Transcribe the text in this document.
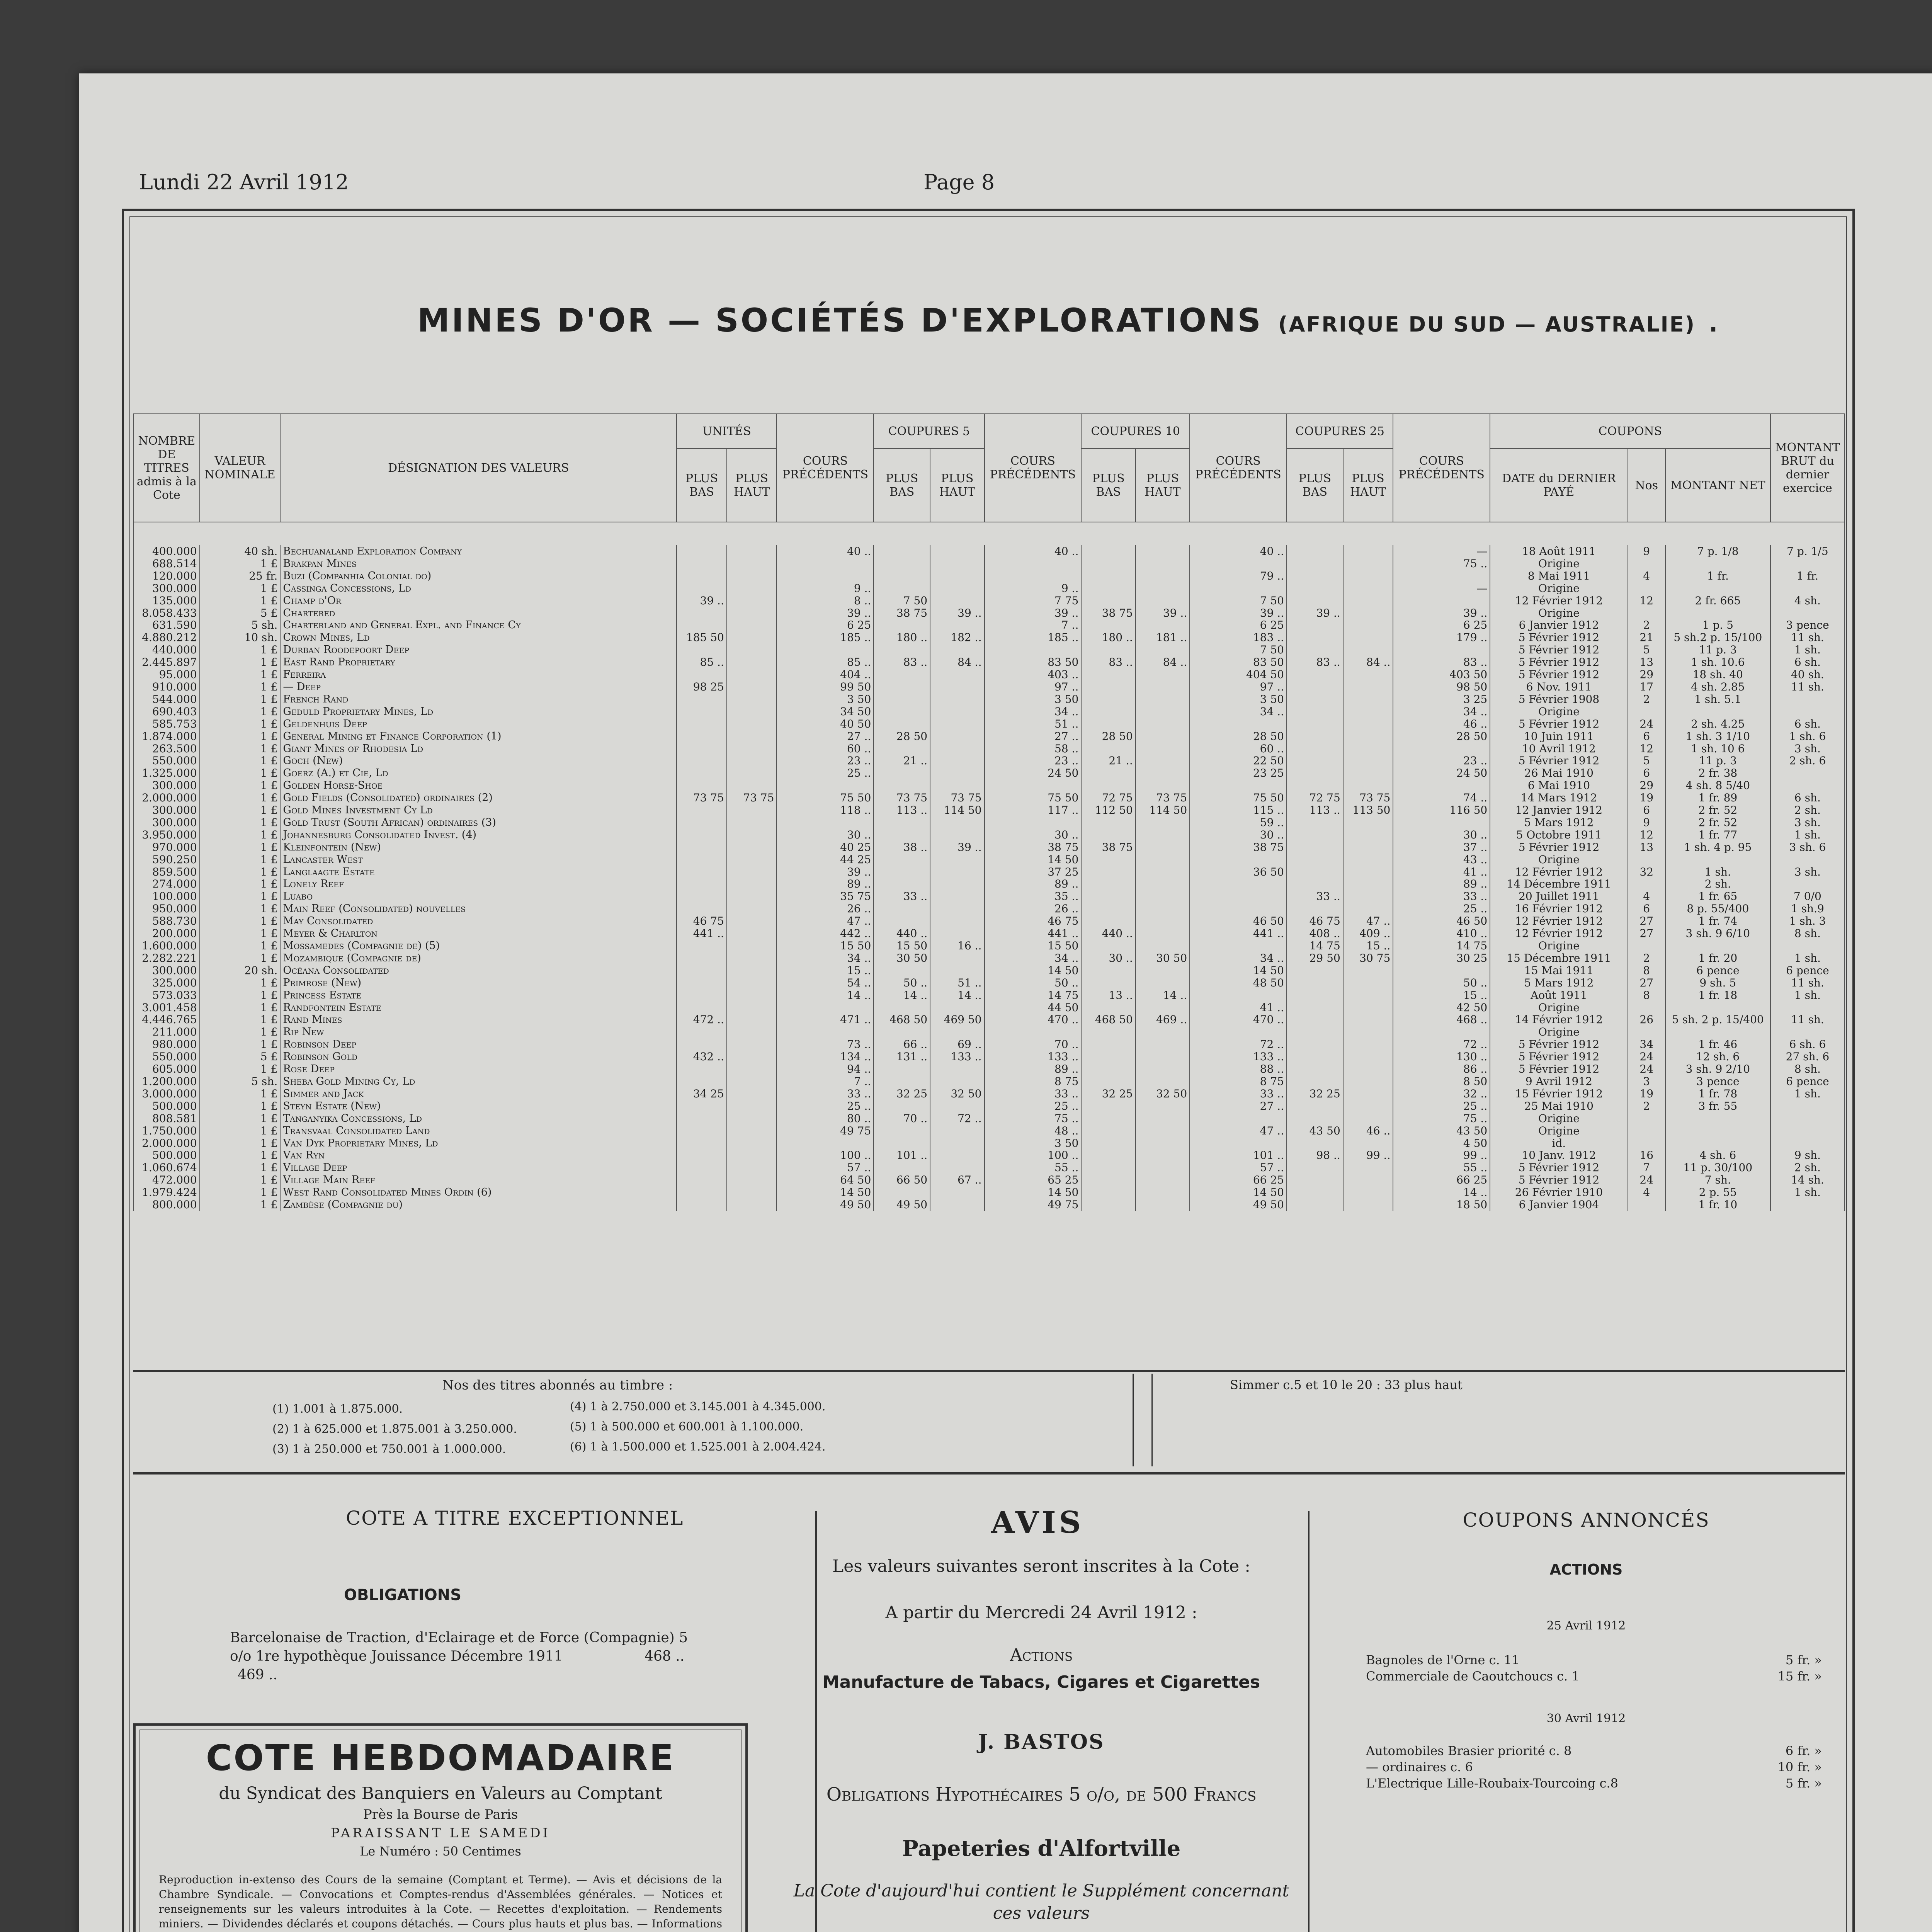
Lundi 22 Avril 1912	Page 8
MINES D'OR — SOCIÉTÉS D'EXPLORATIONS (AFRIQUE DU SUD — AUSTRALIE) .
NOMBRE DE TITRES admis à la Cote	VALEUR NOMINALE	DÉSIGNATION DES VALEURS	UNITÉS		COURS PRÉCÉDENTS	COUPURES 5		COURS PRÉCÉDENTS	COUPURES 10		COURS PRÉCÉDENTS	COUPURES 25		COURS PRÉCÉDENTS	COUPONS			MONTANT BRUT du dernier exercice
			PLUS BAS	PLUS HAUT		PLUS BAS	PLUS HAUT		PLUS BAS	PLUS HAUT		PLUS BAS	PLUS HAUT		DATE du DERNIER PAYÉ	Nos	MONTANT NET	

400.000	40 sh.	Bechuanaland Exploration Company			40 ..			40 ..			40 ..			—	18 Août 1911	9	7 p. 1/8	7 p. 1/5
688.514	1 £	Brakpan Mines												75 ..	Origine			
120.000	25 fr.	Buzi (Companhia Colonial do)									79 ..				8 Mai 1911	4	1 fr.	1 fr.
300.000	1 £	Cassinga Concessions, Ld			9 ..			9 ..						—	Origine			
135.000	1 £	Champ d'Or	39 ..		8 ..	7 50		7 75			7 50				12 Février 1912	12	2 fr. 665	4 sh.
8.058.433	5 £	Chartered			39 ..	38 75	39 ..	39 ..	38 75	39 ..	39 ..	39 ..		39 ..	Origine			
631.590	5 sh.	Charterland and General Expl. and Finance Cy			6 25			7 ..			6 25			6 25	6 Janvier 1912	2	1 p. 5	3 pence
4.880.212	10 sh.	Crown Mines, Ld	185 50		185 ..	180 ..	182 ..	185 ..	180 ..	181 ..	183 ..			179 ..	5 Février 1912	21	5 sh.2 p. 15/100	11 sh.
440.000	1 £	Durban Roodepoort Deep									7 50				5 Février 1912	5	11 p. 3	1 sh.
2.445.897	1 £	East Rand Proprietary	85 ..		85 ..	83 ..	84 ..	83 50	83 ..	84 ..	83 50	83 ..	84 ..	83 ..	5 Février 1912	13	1 sh. 10.6	6 sh.
95.000	1 £	Ferreira			404 ..			403 ..			404 50			403 50	5 Février 1912	29	18 sh. 40	40 sh.
910.000	1 £	— Deep	98 25		99 50			97 ..			97 ..			98 50	6 Nov. 1911	17	4 sh. 2.85	11 sh.
544.000	1 £	French Rand			3 50			3 50			3 50			3 25	5 Février 1908	2	1 sh. 5.1	
690.403	1 £	Geduld Proprietary Mines, Ld			34 50			34 ..			34 ..			34 ..	Origine			
585.753	1 £	Geldenhuis Deep			40 50			51 ..						46 ..	5 Février 1912	24	2 sh. 4.25	6 sh.
1.874.000	1 £	General Mining et Finance Corporation (1)			27 ..	28 50		27 ..	28 50		28 50			28 50	10 Juin 1911	6	1 sh. 3 1/10	1 sh. 6
263.500	1 £	Giant Mines of Rhodesia Ld			60 ..			58 ..			60 ..				10 Avril 1912	12	1 sh. 10 6	3 sh.
550.000	1 £	Goch (New)			23 ..	21 ..		23 ..	21 ..		22 50			23 ..	5 Février 1912	5	11 p. 3	2 sh. 6
1.325.000	1 £	Goerz (A.) et Cie, Ld			25 ..			24 50			23 25			24 50	26 Mai 1910	6	2 fr. 38	
300.000	1 £	Golden Horse-Shoe													6 Mai 1910	29	4 sh. 8 5/40	
2.000.000	1 £	Gold Fields (Consolidated) ordinaires (2)	73 75	73 75	75 50	73 75	73 75	75 50	72 75	73 75	75 50	72 75	73 75	74 ..	14 Mars 1912	19	1 fr. 89	6 sh.
300.000	1 £	Gold Mines Investment Cy Ld			118 ..	113 ..	114 50	117 ..	112 50	114 50	115 ..	113 ..	113 50	116 50	12 Janvier 1912	6	2 fr. 52	2 sh.
300.000	1 £	Gold Trust (South African) ordinaires (3)									59 ..				5 Mars 1912	9	2 fr. 52	3 sh.
3.950.000	1 £	Johannesburg Consolidated Invest. (4)			30 ..			30 ..			30 ..			30 ..	5 Octobre 1911	12	1 fr. 77	1 sh.
970.000	1 £	Kleinfontein (New)			40 25	38 ..	39 ..	38 75	38 75		38 75			37 ..	5 Février 1912	13	1 sh. 4 p. 95	3 sh. 6
590.250	1 £	Lancaster West			44 25			14 50						43 ..	Origine			
859.500	1 £	Langlaagte Estate			39 ..			37 25			36 50			41 ..	12 Février 1912	32	1 sh.	3 sh.
274.000	1 £	Lonely Reef			89 ..			89 ..						89 ..	14 Décembre 1911		2 sh.	
100.000	1 £	Luabo			35 75	33 ..		35 ..				33 ..		33 ..	20 Juillet 1911	4	1 fr. 65	7 0/0
950.000	1 £	Main Reef (Consolidated) nouvelles			26 ..			26 ..						25 ..	16 Février 1912	6	8 p. 55/400	1 sh.9
588.730	1 £	May Consolidated	46 75		47 ..			46 75			46 50	46 75	47 ..	46 50	12 Février 1912	27	1 fr. 74	1 sh. 3
200.000	1 £	Meyer & Charlton	441 ..		442 ..	440 ..		441 ..	440 ..		441 ..	408 ..	409 ..	410 ..	12 Février 1912	27	3 sh. 9 6/10	8 sh.
1.600.000	1 £	Mossamedes (Compagnie de) (5)			15 50	15 50	16 ..	15 50				14 75	15 ..	14 75	Origine			
2.282.221	1 £	Mozambique (Compagnie de)			34 ..	30 50		34 ..	30 ..	30 50	34 ..	29 50	30 75	30 25	15 Décembre 1911	2	1 fr. 20	1 sh.
300.000	20 sh.	Océana Consolidated			15 ..			14 50			14 50				15 Mai 1911	8	6 pence	6 pence
325.000	1 £	Primrose (New)			54 ..	50 ..	51 ..	50 ..			48 50			50 ..	5 Mars 1912	27	9 sh. 5	11 sh.
573.033	1 £	Princess Estate			14 ..	14 ..	14 ..	14 75	13 ..	14 ..				15 ..	Août 1911	8	1 fr. 18	1 sh.
3.001.458	1 £	Randfontein Estate						44 50			41 ..			42 50	Origine			
4.446.765	1 £	Rand Mines	472 ..		471 ..	468 50	469 50	470 ..	468 50	469 ..	470 ..			468 ..	14 Février 1912	26	5 sh. 2 p. 15/400	11 sh.
211.000	1 £	Rip New													Origine			
980.000	1 £	Robinson Deep			73 ..	66 ..	69 ..	70 ..			72 ..			72 ..	5 Février 1912	34	1 fr. 46	6 sh. 6
550.000	5 £	Robinson Gold	432 ..		134 ..	131 ..	133 ..	133 ..			133 ..			130 ..	5 Février 1912	24	12 sh. 6	27 sh. 6
605.000	1 £	Rose Deep			94 ..			89 ..			88 ..			86 ..	5 Février 1912	24	3 sh. 9 2/10	8 sh.
1.200.000	5 sh.	Sheba Gold Mining Cy, Ld			7 ..			8 75			8 75			8 50	9 Avril 1912	3	3 pence	6 pence
3.000.000	1 £	Simmer and Jack	34 25		33 ..	32 25	32 50	33 ..	32 25	32 50	33 ..	32 25		32 ..	15 Février 1912	19	1 fr. 78	1 sh.
500.000	1 £	Steyn Estate (New)			25 ..			25 ..			27 ..			25 ..	25 Mai 1910	2	3 fr. 55	
808.581	1 £	Tanganyika Concessions, Ld			80 ..	70 ..	72 ..	75 ..						75 ..	Origine			
1.750.000	1 £	Transvaal Consolidated Land			49 75			48 ..			47 ..	43 50	46 ..	43 50	Origine			
2.000.000	1 £	Van Dyk Proprietary Mines, Ld						3 50						4 50	id.			
500.000	1 £	Van Ryn			100 ..	101 ..		100 ..			101 ..	98 ..	99 ..	99 ..	10 Janv. 1912	16	4 sh. 6	9 sh.
1.060.674	1 £	Village Deep			57 ..			55 ..			57 ..			55 ..	5 Février 1912	7	11 p. 30/100	2 sh.
472.000	1 £	Village Main Reef			64 50	66 50	67 ..	65 25			66 25			66 25	5 Février 1912	24	7 sh.	14 sh.
1.979.424	1 £	West Rand Consolidated Mines Ordin (6)			14 50			14 50			14 50			14 ..	26 Février 1910	4	2 p. 55	1 sh.
800.000	1 £	Zambèse (Compagnie du)			49 50	49 50		49 75			49 50			18 50	6 Janvier 1904		1 fr. 10	
Nos des titres abonnés au timbre :
(1) 1.001 à 1.875.000.
(2) 1 à 625.000 et 1.875.001 à 3.250.000.
(3) 1 à 250.000 et 750.001 à 1.000.000.
(4) 1 à 2.750.000 et 3.145.001 à 4.345.000.
(5) 1 à 500.000 et 600.001 à 1.100.000.
(6) 1 à 1.500.000 et 1.525.001 à 2.004.424.
Simmer c.5 et 10 le 20 : 33 plus haut
COTE A TITRE EXCEPTIONNEL
OBLIGATIONS
Barcelonaise de Traction, d'Eclairage et de Force (Compagnie) 5 o/o 1re hypothèque Jouissance Décembre 1911	468 .. 469 ..
COTE HEBDOMADAIRE
du Syndicat des Banquiers en Valeurs au Comptant
Près la Bourse de Paris
PARAISSANT LE SAMEDI
Le Numéro : 50 Centimes
Reproduction in-extenso des Cours de la semaine (Comptant et Terme). — Avis et décisions de la Chambre Syndicale. — Convocations et Comptes-rendus d'Assemblées générales. — Notices et renseignements sur les valeurs introduites à la Cote. — Recettes d'exploitation. — Rendements miniers. — Dividendes déclarés et coupons détachés. — Cours plus hauts et plus bas. — Informations
AVIS
Les valeurs suivantes seront inscrites à la Cote :
A partir du Mercredi 24 Avril 1912 :
Actions
Manufacture de Tabacs, Cigares et Cigarettes
J. BASTOS
Obligations Hypothécaires 5 o/o, de 500 Francs
Papeteries d'Alfortville
La Cote d'aujourd'hui contient le Supplément concernant ces valeurs
COUPONS ANNONCÉS
ACTIONS
25 Avril 1912
Bagnoles de l'Orne c. 11	5 fr. »
Commerciale de Caoutchoucs c. 1	15 fr. »
30 Avril 1912
Automobiles Brasier priorité c. 8	6 fr. »
— ordinaires c. 6	10 fr. »
L'Electrique Lille-Roubaix-Tourcoing c.8	5 fr. »
